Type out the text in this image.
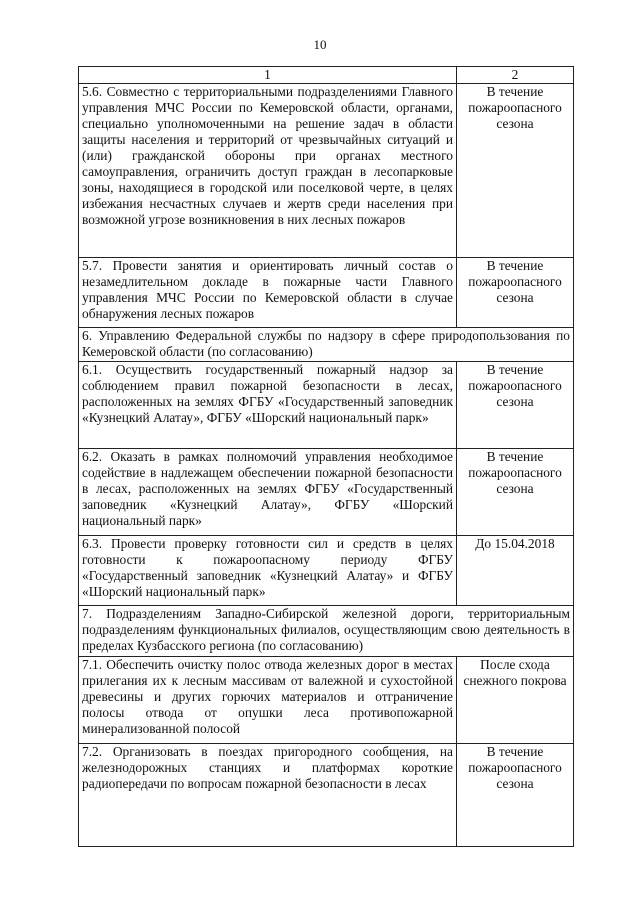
10
1	2
5.6. Совместно с территориальными подразделениями Главного управления МЧС России по Кемеровской области, органами, специально уполномоченными на решение задач в области защиты населения и территорий от чрезвычайных ситуаций и (или) гражданской обороны при органах местного самоуправления, ограничить доступ граждан в лесопарковые зоны, находящиеся в городской или поселковой черте, в целях избежания несчастных случаев и жертв среди населения при возможной угрозе возникновения в них лесных пожаров	В течение пожароопасного сезона
5.7. Провести занятия и ориентировать личный состав о незамедлительном докладе в пожарные части Главного управления МЧС России по Кемеровской области в случае обнаружения лесных пожаров	В течение пожароопасного сезона
6. Управлению Федеральной службы по надзору в сфере природопользования по Кемеровской области (по согласованию)	
6.1. Осуществить государственный пожарный надзор за соблюдением правил пожарной безопасности в лесах, расположенных на землях ФГБУ «Государственный заповедник «Кузнецкий Алатау», ФГБУ «Шорский национальный парк»	В течение пожароопасного сезона
6.2. Оказать в рамках полномочий управления необходимое содействие в надлежащем обеспечении пожарной безопасности в лесах, расположенных на землях ФГБУ «Государственный заповедник «Кузнецкий Алатау», ФГБУ «Шорский национальный парк»	В течение пожароопасного сезона
6.3. Провести проверку готовности сил и средств в целях готовности к пожароопасному периоду ФГБУ «Государственный заповедник «Кузнецкий Алатау» и ФГБУ «Шорский национальный парк»	До 15.04.2018
7. Подразделениям Западно-Сибирской железной дороги, территориальным подразделениям функциональных филиалов, осуществляющим свою деятельность в пределах Кузбасского региона (по согласованию)	
7.1. Обеспечить очистку полос отвода железных дорог в местах прилегания их к лесным массивам от валежной и сухостойной древесины и других горючих материалов и отграничение полосы отвода от опушки леса противопожарной минерализованной полосой	После схода снежного покрова
7.2. Организовать в поездах пригородного сообщения, на железнодорожных станциях и платформах короткие радиопередачи по вопросам пожарной безопасности в лесах	В течение пожароопасного сезона
